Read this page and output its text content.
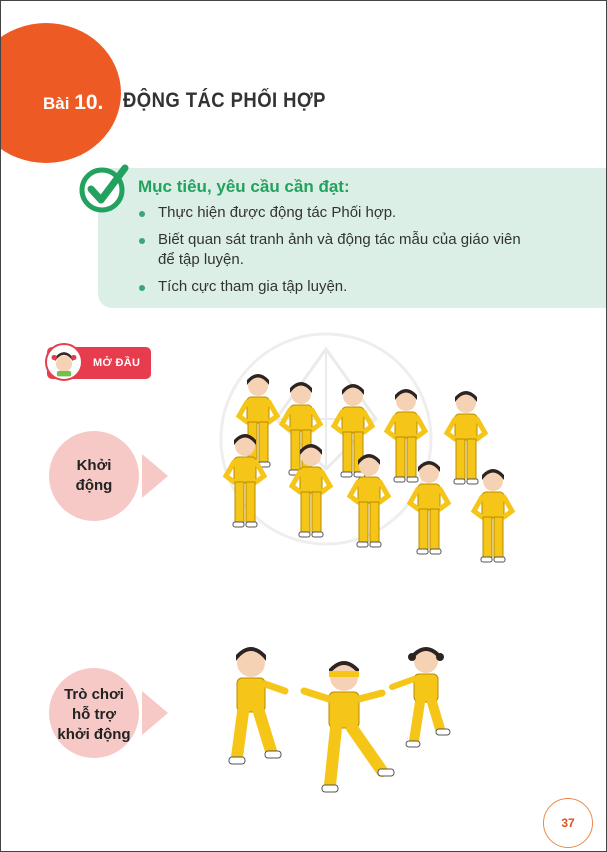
Bài 10. ĐỘNG TÁC PHỐI HỢP
Mục tiêu, yêu cầu cần đạt:
Thực hiện được động tác Phối hợp.
Biết quan sát tranh ảnh và động tác mẫu của giáo viên để tập luyện.
Tích cực tham gia tập luyện.
MỞ ĐẦU
Khởi
động
Trò chơi
hỗ trợ
khởi động
37
